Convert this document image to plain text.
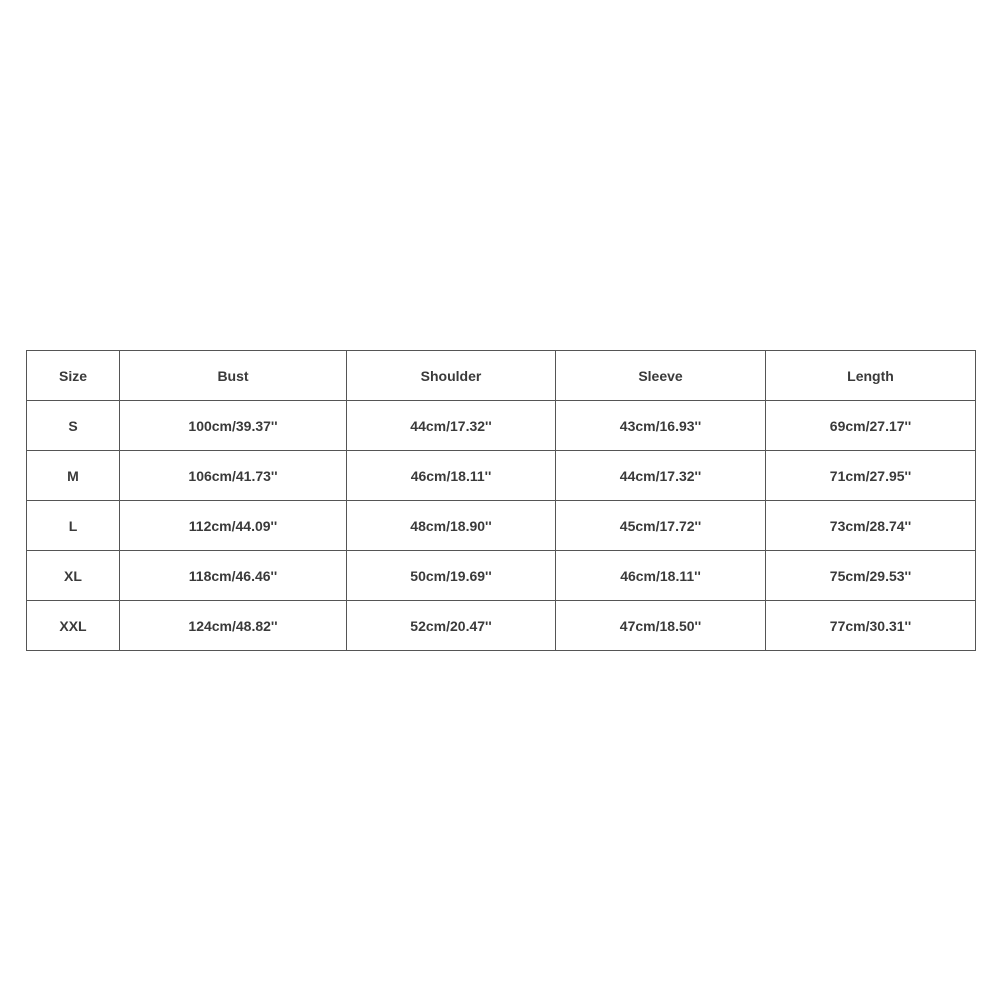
Size	Bust	Shoulder	Sleeve	Length
S	100cm/39.37''	44cm/17.32''	43cm/16.93''	69cm/27.17''
M	106cm/41.73''	46cm/18.11''	44cm/17.32''	71cm/27.95''
L	112cm/44.09''	48cm/18.90''	45cm/17.72''	73cm/28.74''
XL	118cm/46.46''	50cm/19.69''	46cm/18.11''	75cm/29.53''
XXL	124cm/48.82''	52cm/20.47''	47cm/18.50''	77cm/30.31''
